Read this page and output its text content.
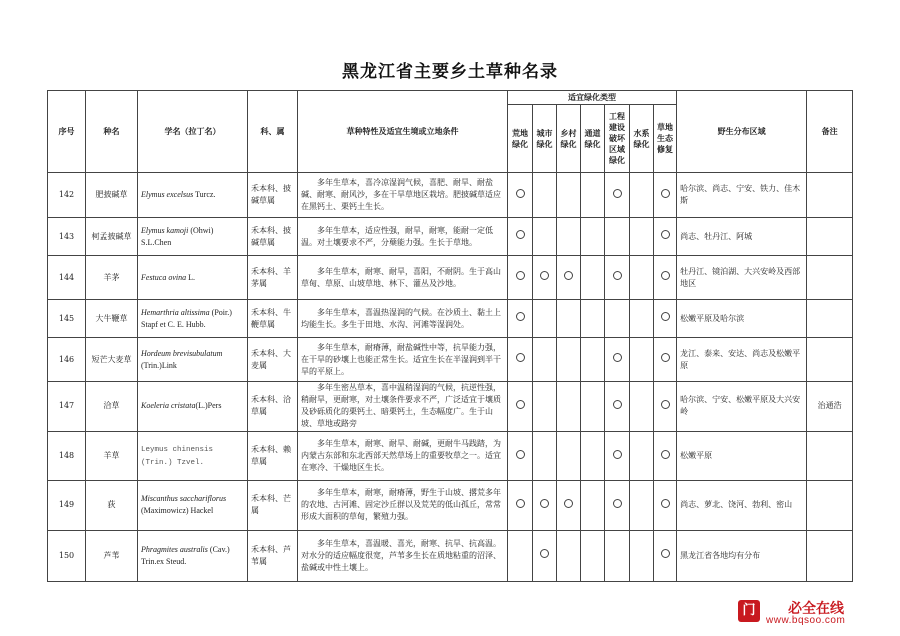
黑龙江省主要乡土草种名录
序号	种名	学名（拉丁名）	科、属	草种特性及适宜生境或立地条件	适宜绿化类型							野生分布区域	备注
					荒地绿化	城市绿化	乡村绿化	通道绿化	工程建设破坏区域绿化	水系绿化	草地生态修复		
142	肥披碱草	Elymus excelsus Turcz.	禾本科、披碱草属	多年生草本，喜冷凉湿润气候，喜肥、耐旱、耐盐碱、耐寒、耐风沙，多在干旱草地区栽培。肥披碱草适应在黑钙土、栗钙土生长。								哈尔滨、尚志、宁安、铁力、佳木斯	
143	柯孟披碱草	Elymus kamoji (Ohwi) S.L.Chen	禾本科、披碱草属	多年生草本，适应性强，耐旱，耐寒，能耐一定低温。对土壤要求不严，分蘖能力强。生长于草地。								尚志、牡丹江、阿城	
144	羊茅	Festuca ovina L.	禾本科、羊茅属	多年生草本，耐寒、耐旱，喜阳，不耐阴。生于高山草甸、草原、山坡草地、林下、灌丛及沙地。								牡丹江、镜泊湖、大兴安岭及西部地区	
145	大牛鞭草	Hemarthria altissima (Poir.) Stapf et C. E. Hubb.	禾本科、牛鞭草属	多年生草本，喜温热湿润的气候。在沙质土、黏土上均能生长。多生于田地、水沟、河滩等湿润处。								松嫩平原及哈尔滨	
146	短芒大麦草	Hordeum brevisubulatum (Trin.)Link	禾本科、大麦属	多年生草本，耐瘠薄，耐盐碱性中等，抗旱能力强，在干旱的砂壤上也能正常生长。适宜生长在半湿润到半干旱的平原上。								龙江、泰来、安达、尚志及松嫩平原	
147	洽草	Koeleria cristata(L.)Pers	禾本科、洽草属	多年生密丛草本，喜中温稍湿润的气候，抗逆性强，稍耐旱，更耐寒，对土壤条件要求不严，广泛适宜于壤质及砂砾质化的栗钙土、暗栗钙土，生态幅度广。生于山坡、草地或路旁								哈尔滨、宁安、松嫩平原及大兴安岭	治通浩
148	羊草	Leymus chinensis (Trin.) Tzvel.	禾本科、赖草属	多年生草本，耐寒、耐旱、耐碱，更耐牛马践踏，为内蒙古东部和东北西部天然草场上的重要牧草之一。适宜在寒冷、干燥地区生长。								松嫩平原	
149	荻	Miscanthus sacchariflorus (Maximowicz) Hackel	禾本科、芒属	多年生草本，耐寒，耐瘠薄，野生于山坡、撂荒多年的农地、古河滩、固定沙丘群以及荒芜的低山孤丘，常常形成大面积的草甸，繁殖力强。								尚志、萝北、饶河、勃利、密山	
150	芦苇	Phragmites australis (Cav.) Trin.ex Steud.	禾本科、芦苇属	多年生草本，喜温暖、喜光，耐寒、抗旱、抗高温。对水分的适应幅度很宽，芦苇多生长在质地粘重的沼泽、盐碱或中性土壤上。								黑龙江省各地均有分布	
门	必全在线
www.bqsoo.com
